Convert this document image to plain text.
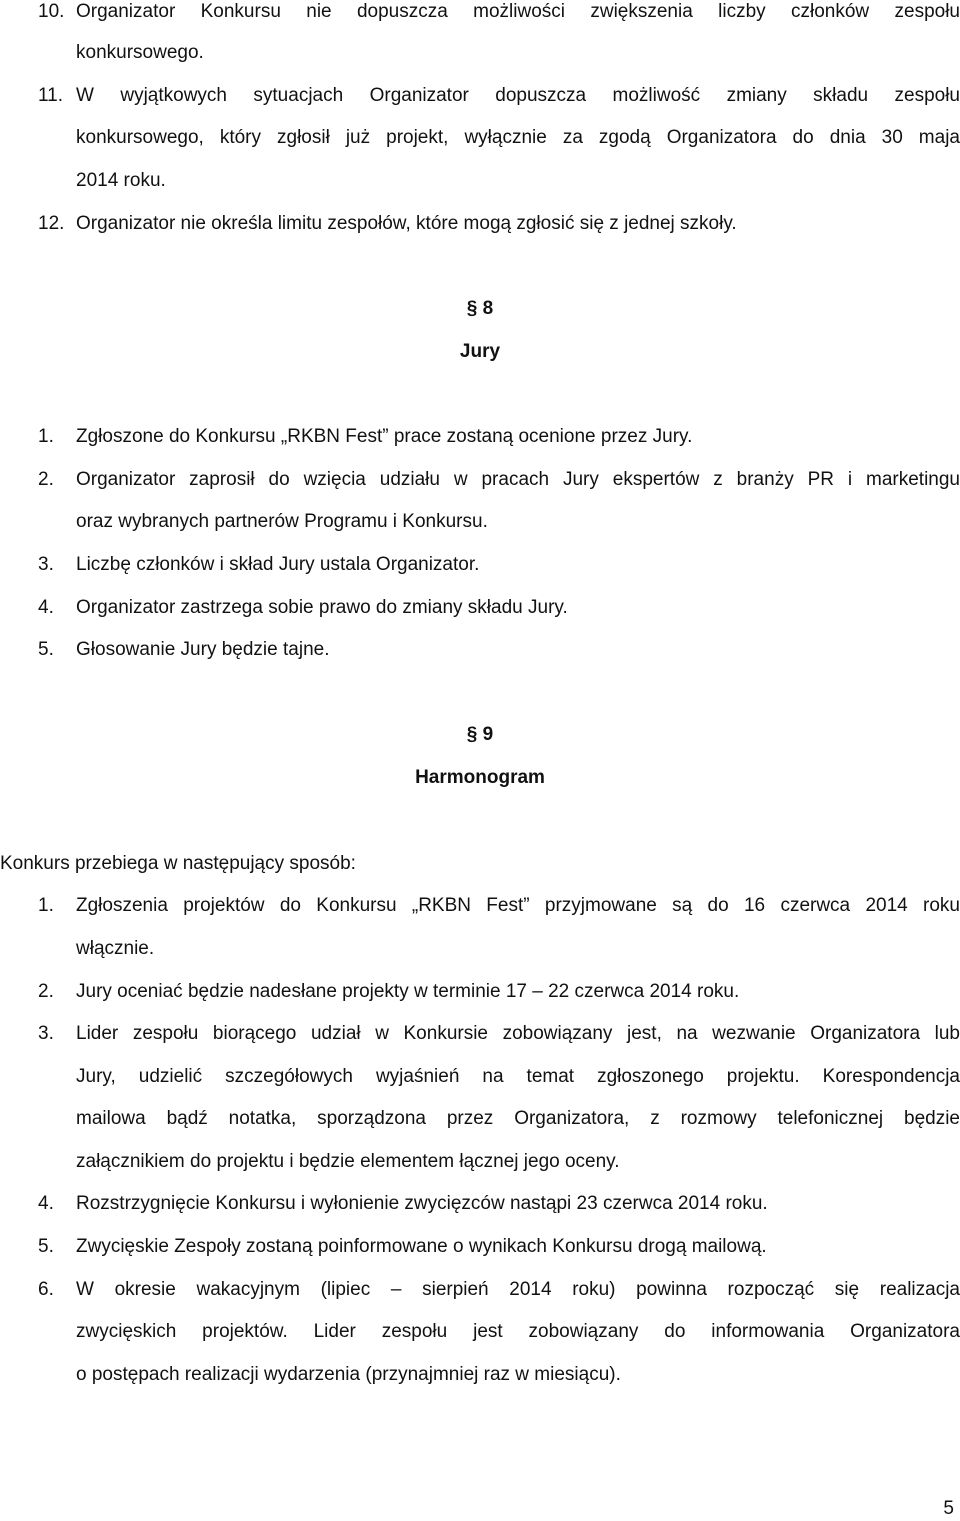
10. Organizator Konkursu nie dopuszcza możliwości zwiększenia liczby członków zespołu
konkursowego.
11. W wyjątkowych sytuacjach Organizator dopuszcza możliwość zmiany składu zespołu
konkursowego, który zgłosił już projekt, wyłącznie za zgodą Organizatora do dnia 30 maja
2014 roku.
12. Organizator nie określa limitu zespołów, które mogą zgłosić się z jednej szkoły.
§ 8
Jury
1. Zgłoszone do Konkursu „RKBN Fest” prace zostaną ocenione przez Jury.
2. Organizator zaprosił do wzięcia udziału w pracach Jury ekspertów z branży PR i marketingu
oraz wybranych partnerów Programu i Konkursu.
3. Liczbę członków i skład Jury ustala Organizator.
4. Organizator zastrzega sobie prawo do zmiany składu Jury.
5. Głosowanie Jury będzie tajne.
§ 9
Harmonogram
Konkurs przebiega w następujący sposób:
1. Zgłoszenia projektów do Konkursu „RKBN Fest” przyjmowane są do 16 czerwca 2014 roku
włącznie.
2. Jury oceniać będzie nadesłane projekty w terminie 17 – 22 czerwca 2014 roku.
3. Lider zespołu biorącego udział w Konkursie zobowiązany jest, na wezwanie Organizatora lub
Jury, udzielić szczegółowych wyjaśnień na temat zgłoszonego projektu. Korespondencja
mailowa bądź notatka, sporządzona przez Organizatora, z rozmowy telefonicznej będzie
załącznikiem do projektu i będzie elementem łącznej jego oceny.
4. Rozstrzygnięcie Konkursu i wyłonienie zwycięzców nastąpi 23 czerwca 2014 roku.
5. Zwycięskie Zespoły zostaną poinformowane o wynikach Konkursu drogą mailową.
6. W okresie wakacyjnym (lipiec – sierpień 2014 roku) powinna rozpocząć się realizacja
zwycięskich projektów. Lider zespołu jest zobowiązany do informowania Organizatora
o postępach realizacji wydarzenia (przynajmniej raz w miesiącu).
5
